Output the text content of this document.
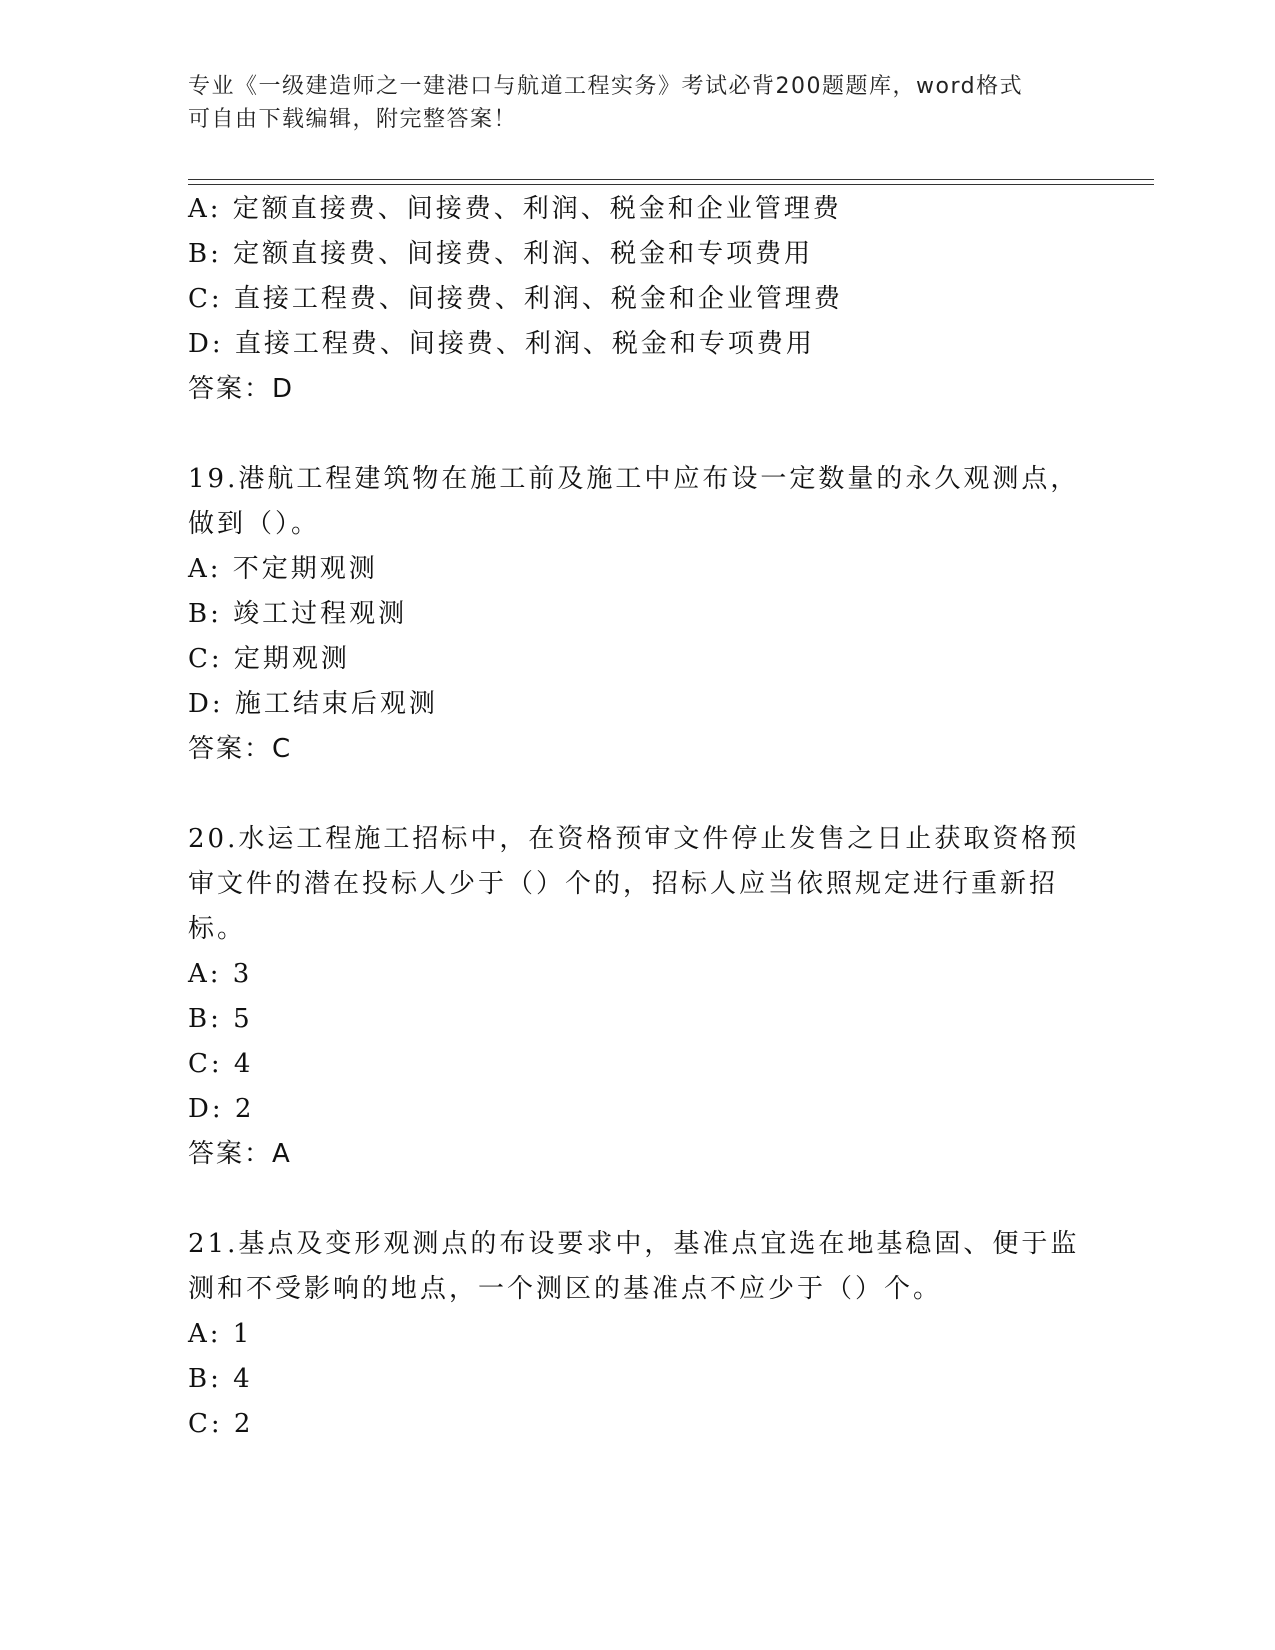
专业《一级建造师之一建港口与航道工程实务》考试必背200题题库，word格式
可自由下载编辑，附完整答案！
A: 定额直接费、间接费、利润、税金和企业管理费
B: 定额直接费、间接费、利润、税金和专项费用
C: 直接工程费、间接费、利润、税金和企业管理费
D: 直接工程费、间接费、利润、税金和专项费用
答案：D
19.港航工程建筑物在施工前及施工中应布设一定数量的永久观测点，
做到（）。
A: 不定期观测
B: 竣工过程观测
C: 定期观测
D: 施工结束后观测
答案：C
20.水运工程施工招标中，在资格预审文件停止发售之日止获取资格预
审文件的潜在投标人少于（）个的，招标人应当依照规定进行重新招
标。
A: 3
B: 5
C: 4
D: 2
答案：A
21.基点及变形观测点的布设要求中，基准点宜选在地基稳固、便于监
测和不受影响的地点，一个测区的基准点不应少于（）个。
A: 1
B: 4
C: 2
